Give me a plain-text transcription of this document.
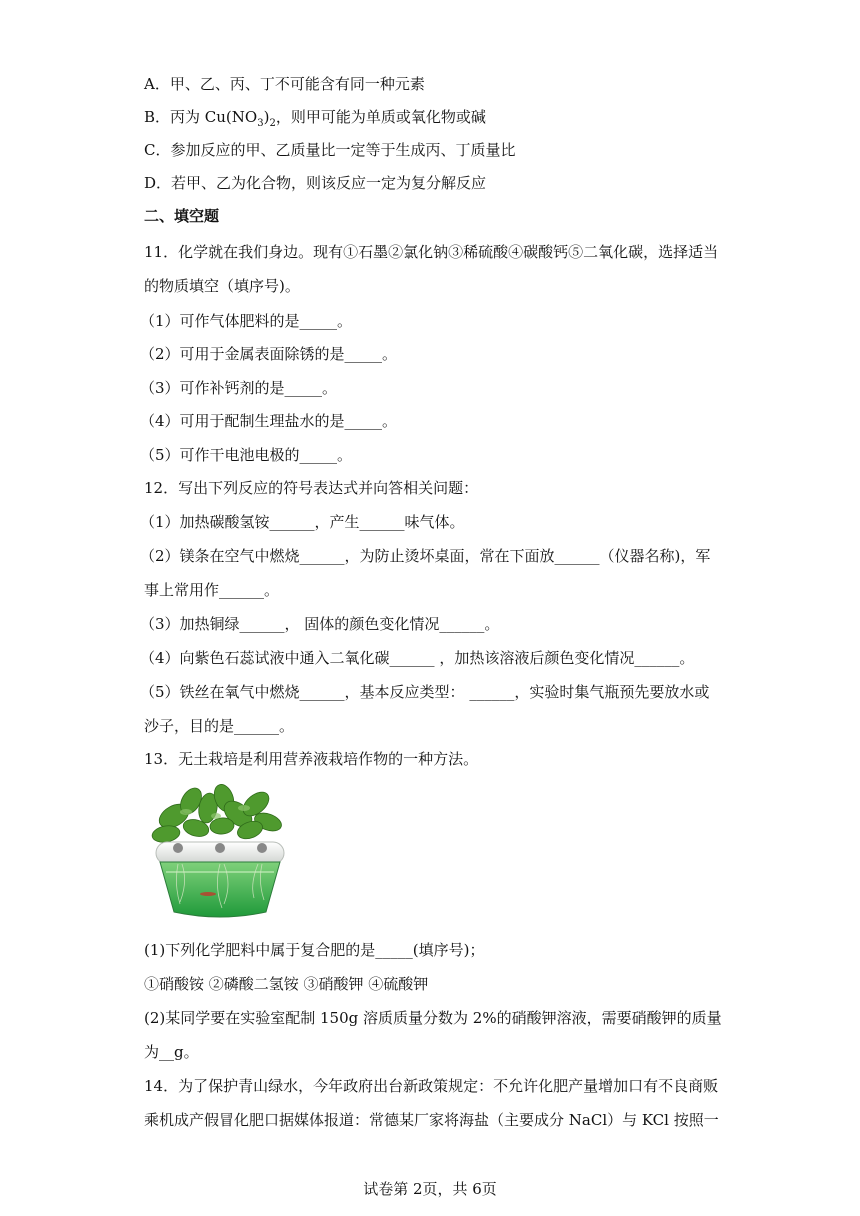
A．甲、乙、丙、丁不可能含有同一种元素
B．丙为 $Cu(NO_3)_2$，则甲可能为单质或氧化物或碱
C．参加反应的甲、乙质量比一定等于生成丙、丁质量比
D．若甲、乙为化合物，则该反应一定为复分解反应
二、填空题
11．化学就在我们身边。现有①石墨②氯化钠③稀硫酸④碳酸钙⑤二氧化碳，选择适当
的物质填空（填序号)。
（1）可作气体肥料的是_____。
（2）可用于金属表面除锈的是_____。
（3）可作补钙剂的是_____。
（4）可用于配制生理盐水的是_____。
（5）可作干电池电极的_____。
12．写出下列反应的符号表达式并向答相关问题：
（1）加热碳酸氢铵______，产生______味气体。
（2）镁条在空气中燃烧______，为防止烫坏桌面，常在下面放______（仪器名称)，军
事上常用作______。
（3）加热铜绿______， 固体的颜色变化情况______。
（4）向紫色石蕊试液中通入二氧化碳______ ，加热该溶液后颜色变化情况______。
（5）铁丝在氧气中燃烧______，基本反应类型： ______，实验时集气瓶预先要放水或
沙子，目的是______。
13．无土栽培是利用营养液栽培作物的一种方法。
(1)下列化学肥料中属于复合肥的是_____(填序号)；
①硝酸铵 ②磷酸二氢铵 ③硝酸钾 ④硫酸钾
(2)某同学要在实验室配制 150g 溶质质量分数为 2%的硝酸钾溶液，需要硝酸钾的质量
为__g。
14．为了保护青山绿水，今年政府出台新政策规定：不允许化肥产量增加口有不良商贩
乘机成产假冒化肥口据媒体报道：常德某厂家将海盐（主要成分 NaCl）与 KCl 按照一
试卷第 2页，共 6页
